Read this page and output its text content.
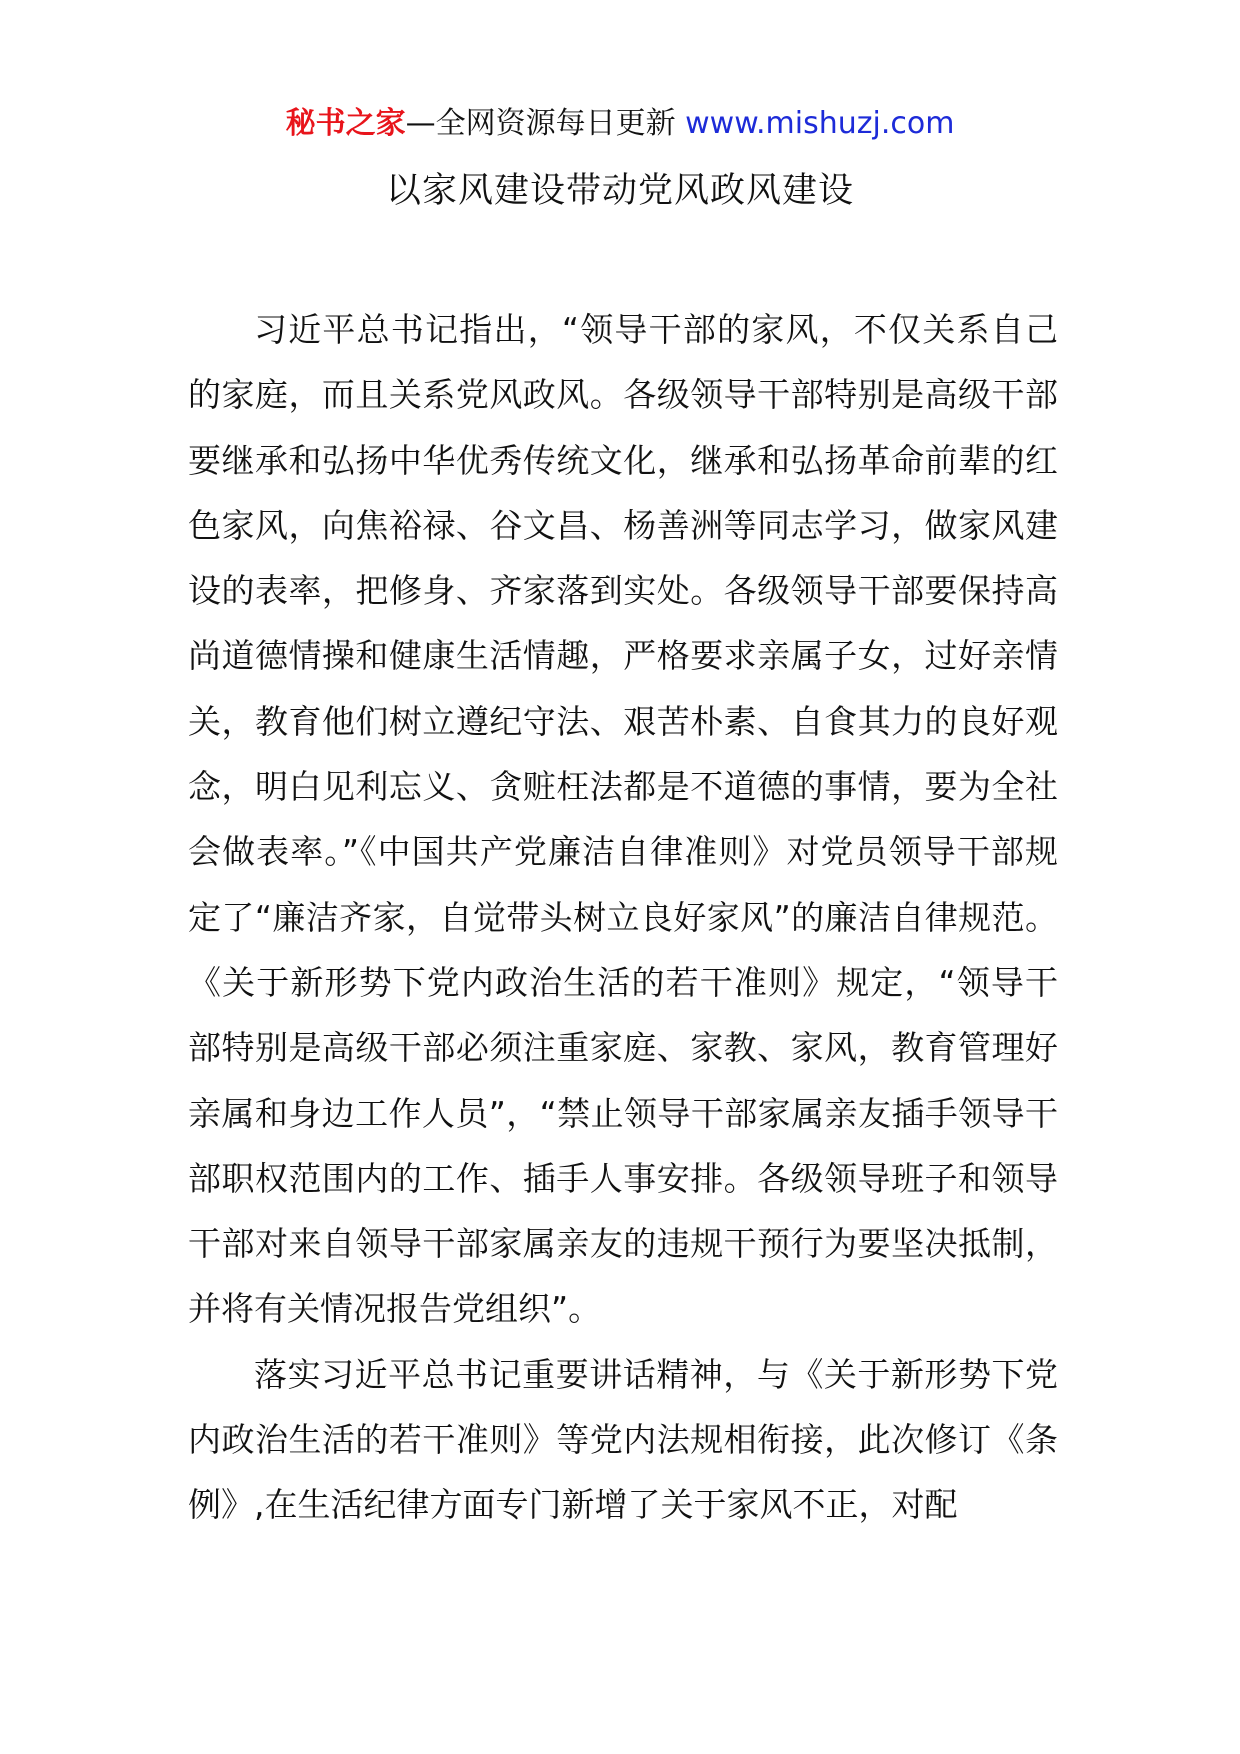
秘书之家—全网资源每日更新 www.mishuzj.com
以家风建设带动党风政风建设

习近平总书记指出，“领导干部的家风，不仅关系自己的家庭，而且关系党风政风。各级领导干部特别是高级干部要继承和弘扬中华优秀传统文化，继承和弘扬革命前辈的红色家风，向焦裕禄、谷文昌、杨善洲等同志学习，做家风建设的表率，把修身、齐家落到实处。各级领导干部要保持高尚道德情操和健康生活情趣，严格要求亲属子女，过好亲情关，教育他们树立遵纪守法、艰苦朴素、自食其力的良好观念，明白见利忘义、贪赃枉法都是不道德的事情，要为全社会做表率。”《中国共产党廉洁自律准则》对党员领导干部规定了“廉洁齐家，自觉带头树立良好家风”的廉洁自律规范。《关于新形势下党内政治生活的若干准则》规定，“领导干部特别是高级干部必须注重家庭、家教、家风，教育管理好亲属和身边工作人员”，“禁止领导干部家属亲友插手领导干部职权范围内的工作、插手人事安排。各级领导班子和领导干部对来自领导干部家属亲友的违规干预行为要坚决抵制，并将有关情况报告党组织”。

落实习近平总书记重要讲话精神，与《关于新形势下党内政治生活的若干准则》等党内法规相衔接，此次修订《条例》,在生活纪律方面专门新增了关于家风不正，对配
